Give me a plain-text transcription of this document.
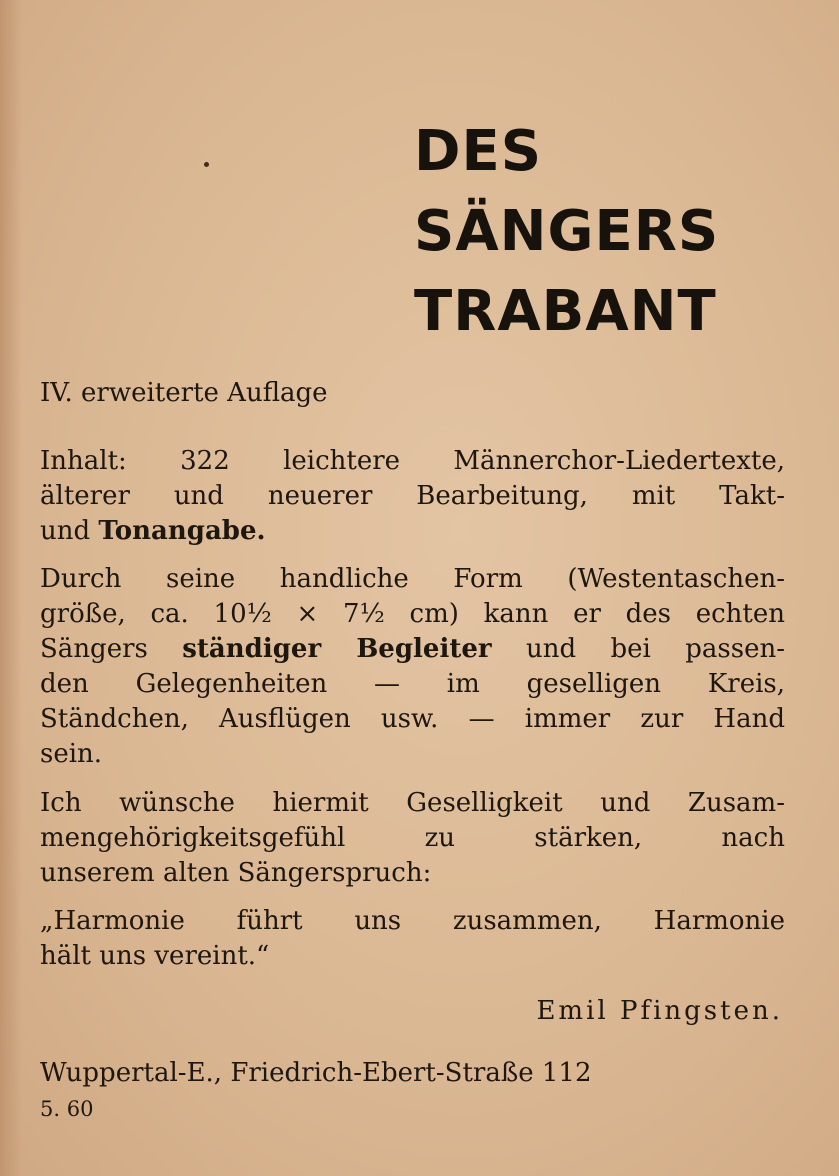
DES
SÄNGERS
TRABANT

IV. erweiterte Auflage

Inhalt: 322 leichtere Männerchor-Liedertexte,
älterer und neuerer Bearbeitung, mit Takt-
und Tonangabe.

Durch seine handliche Form (Westentaschen-
größe, ca. 10½ × 7½ cm) kann er des echten
Sängers ständiger Begleiter und bei passen-
den Gelegenheiten — im geselligen Kreis,
Ständchen, Ausflügen usw. — immer zur Hand
sein.

Ich wünsche hiermit Geselligkeit und Zusam-
mengehörigkeitsgefühl zu stärken, nach
unserem alten Sängerspruch:

„Harmonie führt uns zusammen, Harmonie
hält uns vereint.“

Emil Pfingsten.

Wuppertal-E., Friedrich-Ebert-Straße 112

5. 60
